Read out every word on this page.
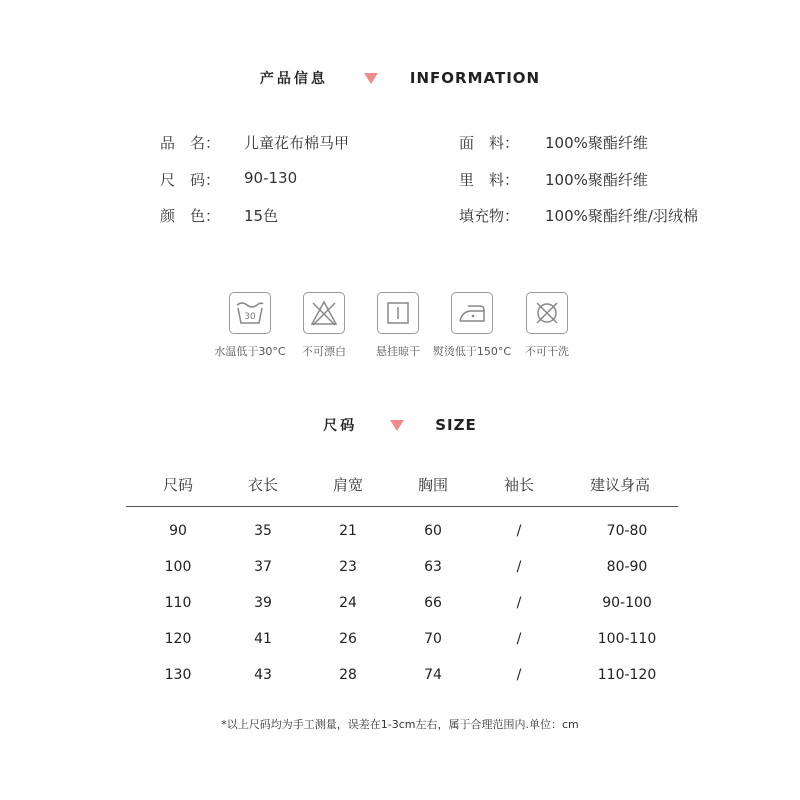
产品信息	INFORMATION
品　名： 儿童花布棉马甲
尺　码： 90-130
颜　色： 15色
面　料： 100%聚酯纤维
里　料： 100%聚酯纤维
填充物： 100%聚酯纤维/羽绒棉
30
水温低于30°C	不可漂白	悬挂晾干	熨烫低于150°C	不可干洗
尺码	SIZE
尺码	衣长	肩宽	胸围	袖长	建议身高
90	35	21	60	/	70-80
100	37	23	63	/	80-90
110	39	24	66	/	90-100
120	41	26	70	/	100-110
130	43	28	74	/	110-120
*以上尺码均为手工测量，误差在1-3cm左右，属于合理范围内.单位：cm
